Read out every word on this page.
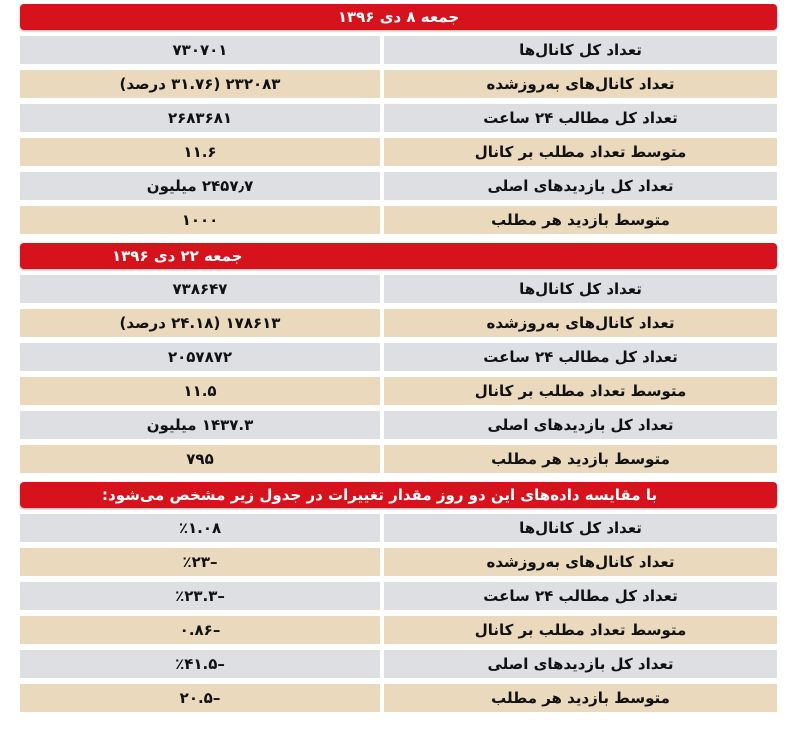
جمعه ۸ دی ۱۳۹۶
تعداد کل کانال‌ها
۷۳۰۷۰۱
تعداد کانال‌های به‌روزشده
۲۳۲۰۸۳ (۳۱.۷۶ درصد)
تعداد کل مطالب ۲۴ ساعت
۲۶۸۳۶۸۱
متوسط تعداد مطلب بر کانال
۱۱.۶
تعداد کل بازدیدهای اصلی
۲۴۵۷٫۷ میلیون
متوسط بازدید هر مطلب
۱۰۰۰
جمعه ۲۲ دی ۱۳۹۶
تعداد کل کانال‌ها
۷۳۸۶۴۷
تعداد کانال‌های به‌روزشده
۱۷۸۶۱۳ (۲۴.۱۸ درصد)
تعداد کل مطالب ۲۴ ساعت
۲۰۵۷۸۷۲
متوسط تعداد مطلب بر کانال
۱۱.۵
تعداد کل بازدیدهای اصلی
۱۴۳۷.۳ میلیون
متوسط بازدید هر مطلب
۷۹۵
با مقایسه داده‌های این دو روز مقدار تغییرات در جدول زیر مشخص می‌شود:
تعداد کل کانال‌ها
٪۱.۰۸
تعداد کانال‌های به‌روزشده
–٪۲۳
تعداد کل مطالب ۲۴ ساعت
–٪۲۳.۳
متوسط تعداد مطلب بر کانال
–۰.۸۶
تعداد کل بازدیدهای اصلی
–٪۴۱.۵
متوسط بازدید هر مطلب
–۲۰.۵
